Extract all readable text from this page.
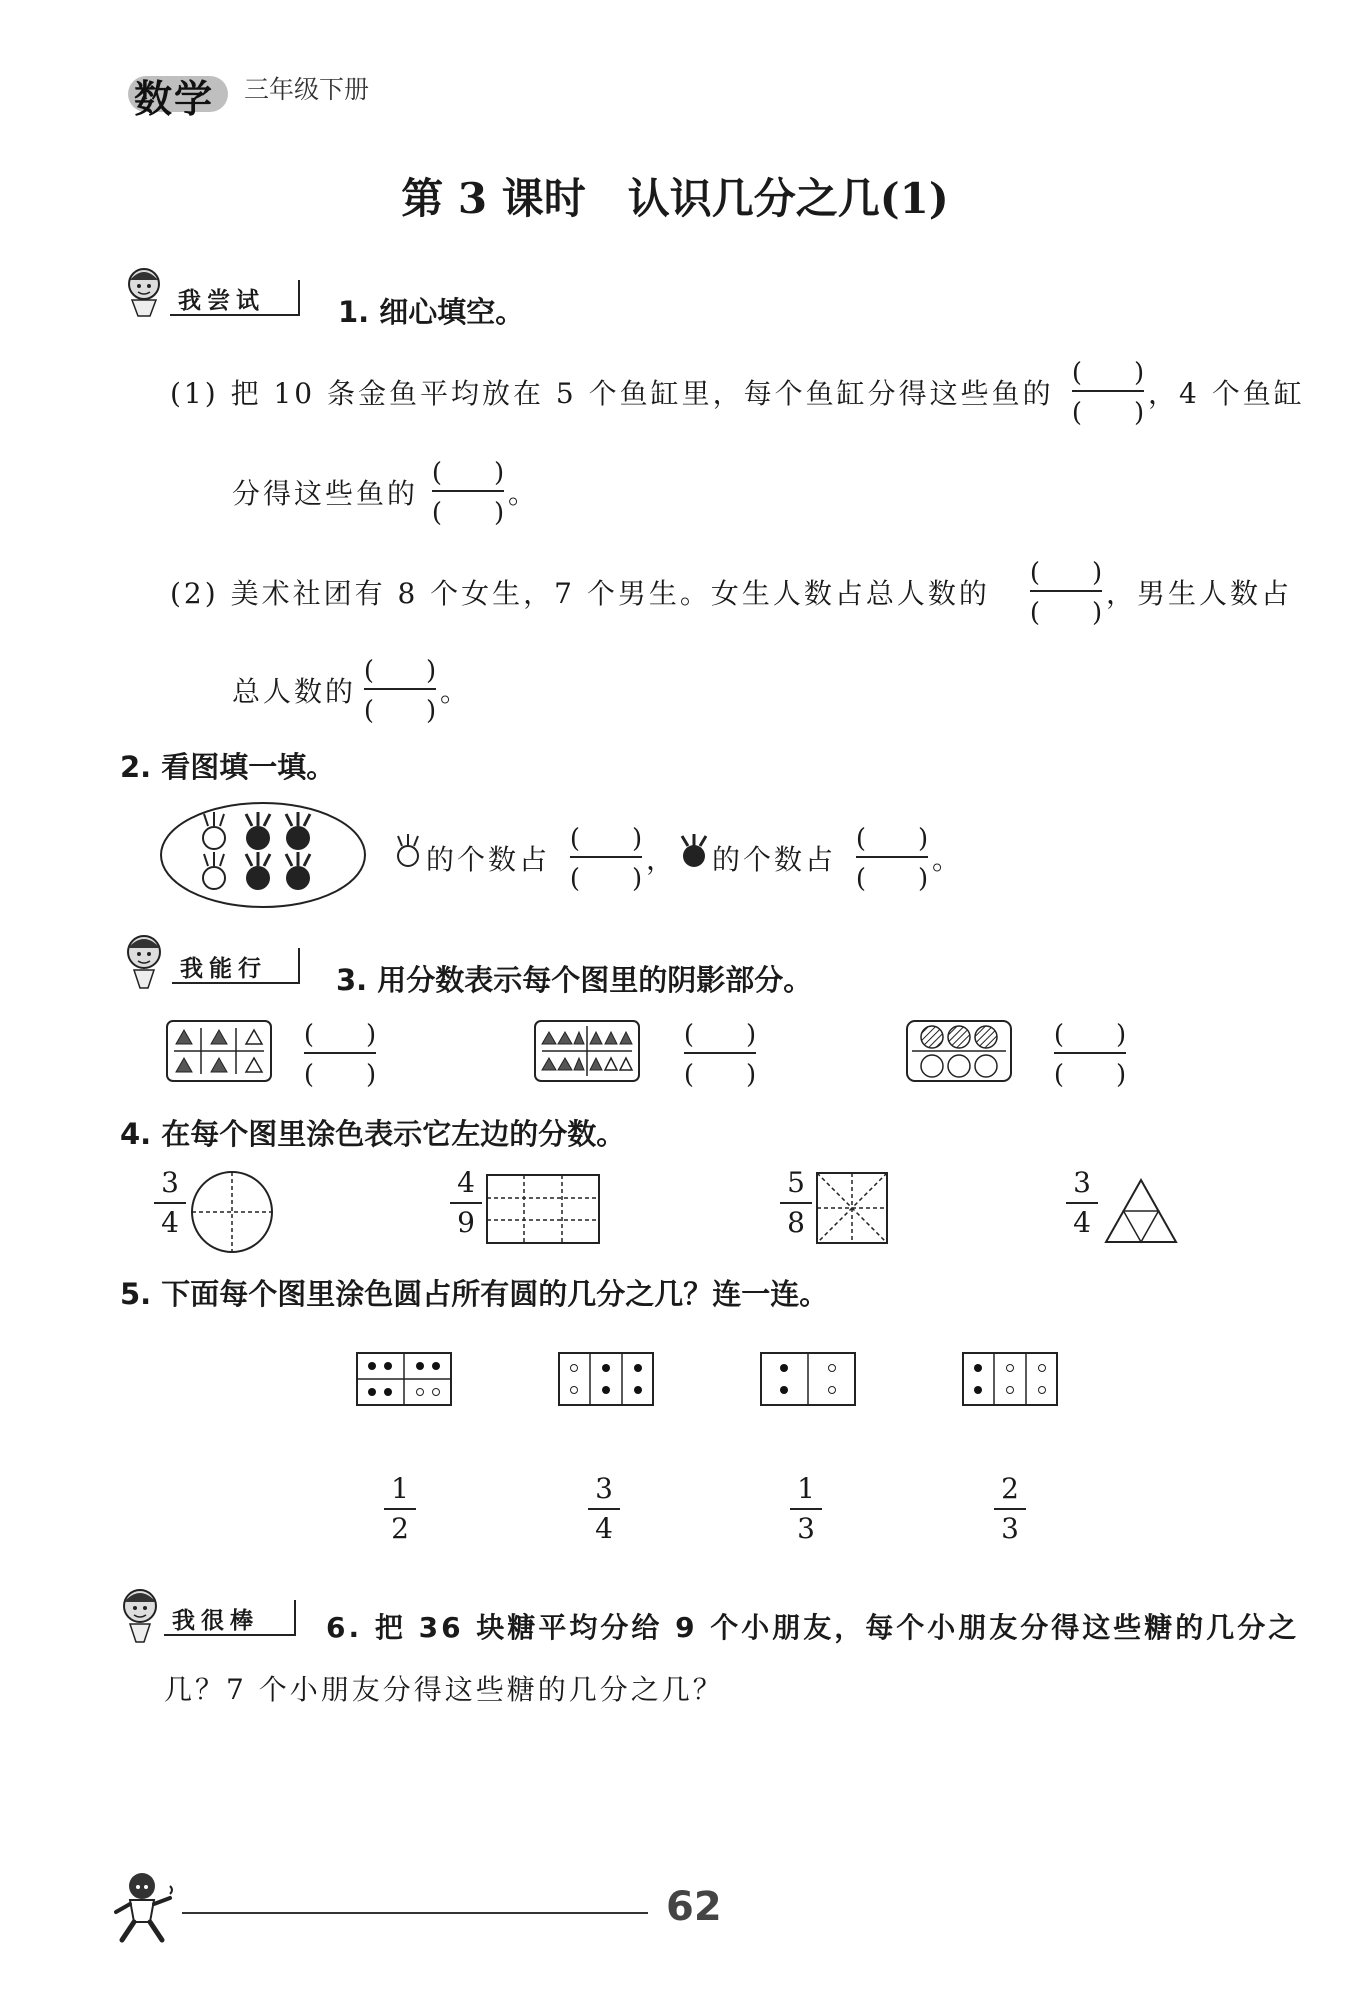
数学 三年级下册
第 3 课时　认识几分之几(1)
我尝试	1. 细心填空。
(1) 把 10 条金鱼平均放在 5 个鱼缸里，每个鱼缸分得这些鱼的
(　　)
(　　)
，4 个鱼缸
分得这些鱼的
(　　)
(　　)
。
(2) 美术社团有 8 个女生，7 个男生。女生人数占总人数的
(　　)
(　　)
，男生人数占
总人数的
(　　)
(　　)
。
2. 看图填一填。
的个数占
(　　)
(　　)
， 的个数占
(　　)
(　　)
。
我能行 3. 用分数表示每个图里的阴影部分。
(　　)
(　　)
(　　)
(　　)
(　　)
(　　)
4. 在每个图里涂色表示它左边的分数。
3
4
4
9
5
8
3
4
5. 下面每个图里涂色圆占所有圆的几分之几？连一连。
1
2
3
4
1
3
2
3
我很棒 6. 把 36 块糖平均分给 9 个小朋友，每个小朋友分得这些糖的几分之
几？7 个小朋友分得这些糖的几分之几？
62
